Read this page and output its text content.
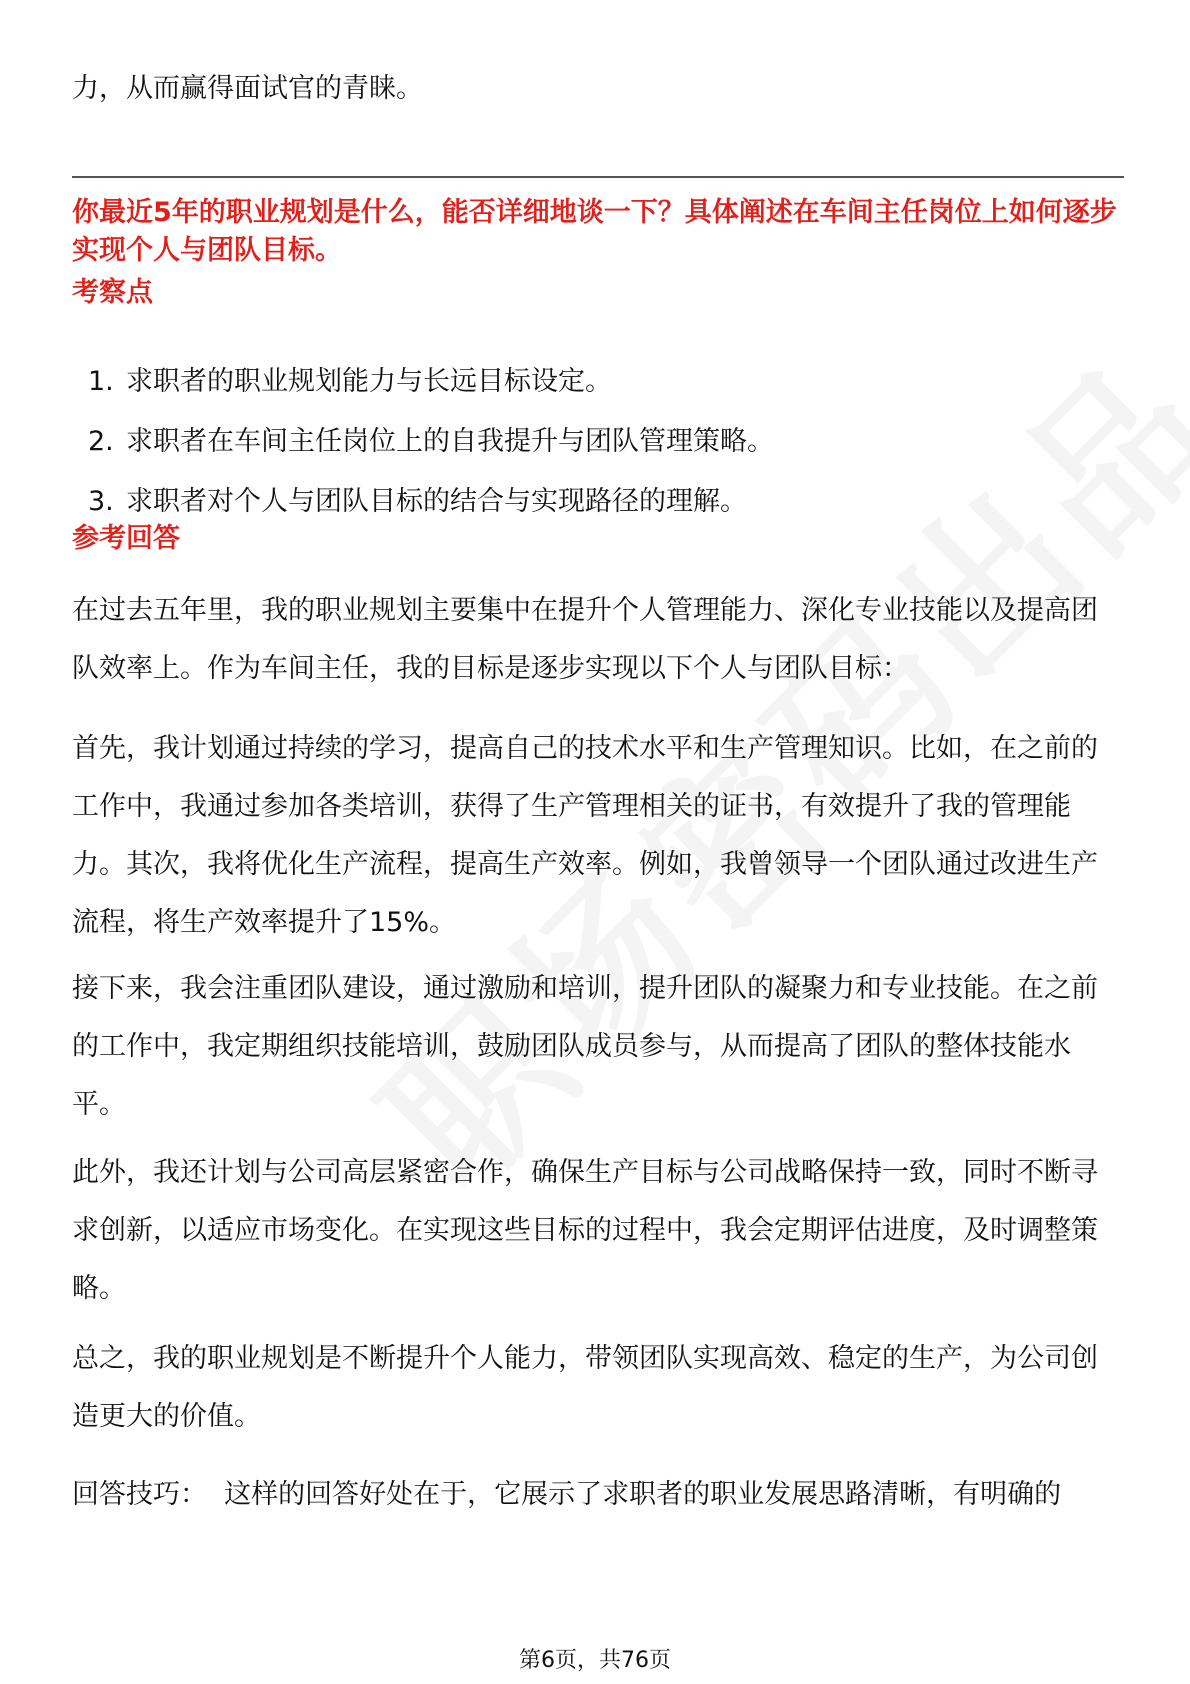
力，从而赢得面试官的青睐。

你最近5年的职业规划是什么，能否详细地谈一下？具体阐述在车间主任岗位上如何逐步实现个人与团队目标。

考察点

1. 求职者的职业规划能力与长远目标设定。
2. 求职者在车间主任岗位上的自我提升与团队管理策略。
3. 求职者对个人与团队目标的结合与实现路径的理解。

参考回答

在过去五年里，我的职业规划主要集中在提升个人管理能力、深化专业技能以及提高团队效率上。作为车间主任，我的目标是逐步实现以下个人与团队目标：

首先，我计划通过持续的学习，提高自己的技术水平和生产管理知识。比如，在之前的工作中，我通过参加各类培训，获得了生产管理相关的证书，有效提升了我的管理能力。其次，我将优化生产流程，提高生产效率。例如，我曾领导一个团队通过改进生产流程，将生产效率提升了15%。

接下来，我会注重团队建设，通过激励和培训，提升团队的凝聚力和专业技能。在之前的工作中，我定期组织技能培训，鼓励团队成员参与，从而提高了团队的整体技能水平。

此外，我还计划与公司高层紧密合作，确保生产目标与公司战略保持一致，同时不断寻求创新，以适应市场变化。在实现这些目标的过程中，我会定期评估进度，及时调整策略。

总之，我的职业规划是不断提升个人能力，带领团队实现高效、稳定的生产，为公司创造更大的价值。

回答技巧：  这样的回答好处在于，它展示了求职者的职业发展思路清晰，有明确的

第6页，共76页
